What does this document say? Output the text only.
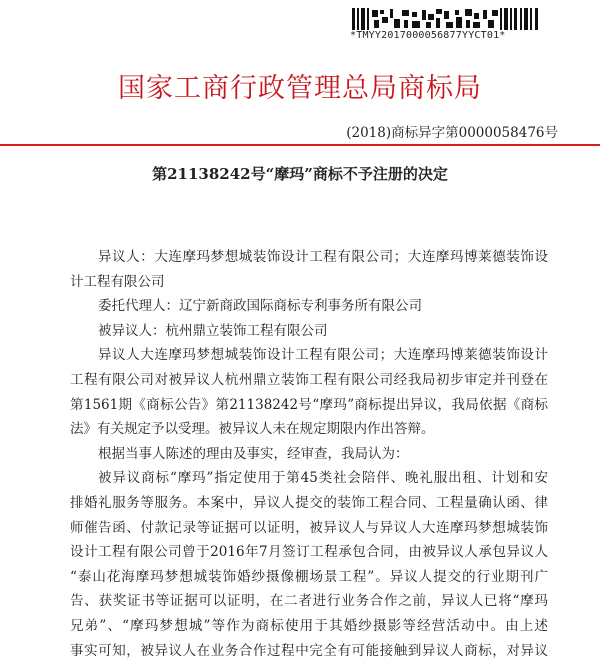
*TMYY2017000056877YYCT01*
国家工商行政管理总局商标局
(2018)商标异字第0000058476号
第21138242号“摩玛”商标不予注册的决定
异议人：大连摩玛梦想城装饰设计工程有限公司；大连摩玛博莱德装饰设
计工程有限公司
委托代理人：辽宁新商政国际商标专利事务所有限公司
被异议人：杭州鼎立装饰工程有限公司
异议人大连摩玛梦想城装饰设计工程有限公司；大连摩玛博莱德装饰设计
工程有限公司对被异议人杭州鼎立装饰工程有限公司经我局初步审定并刊登在
第1561期《商标公告》第21138242号“摩玛”商标提出异议，我局依据《商标
法》有关规定予以受理。被异议人未在规定期限内作出答辩。
根据当事人陈述的理由及事实，经审查，我局认为：
被异议商标“摩玛”指定使用于第45类社会陪伴、晚礼服出租、计划和安
排婚礼服务等服务。本案中，异议人提交的装饰工程合同、工程量确认函、律
师催告函、付款记录等证据可以证明，被异议人与异议人大连摩玛梦想城装饰
设计工程有限公司曾于2016年7月签订工程承包合同，由被异议人承包异议人
“泰山花海摩玛梦想城装饰婚纱摄像棚场景工程”。异议人提交的行业期刊广
告、获奖证书等证据可以证明，在二者进行业务合作之前，异议人已将“摩玛
兄弟”、“摩玛梦想城”等作为商标使用于其婚纱摄影等经营活动中。由上述
事实可知，被异议人在业务合作过程中完全有可能接触到异议人商标，对异议
